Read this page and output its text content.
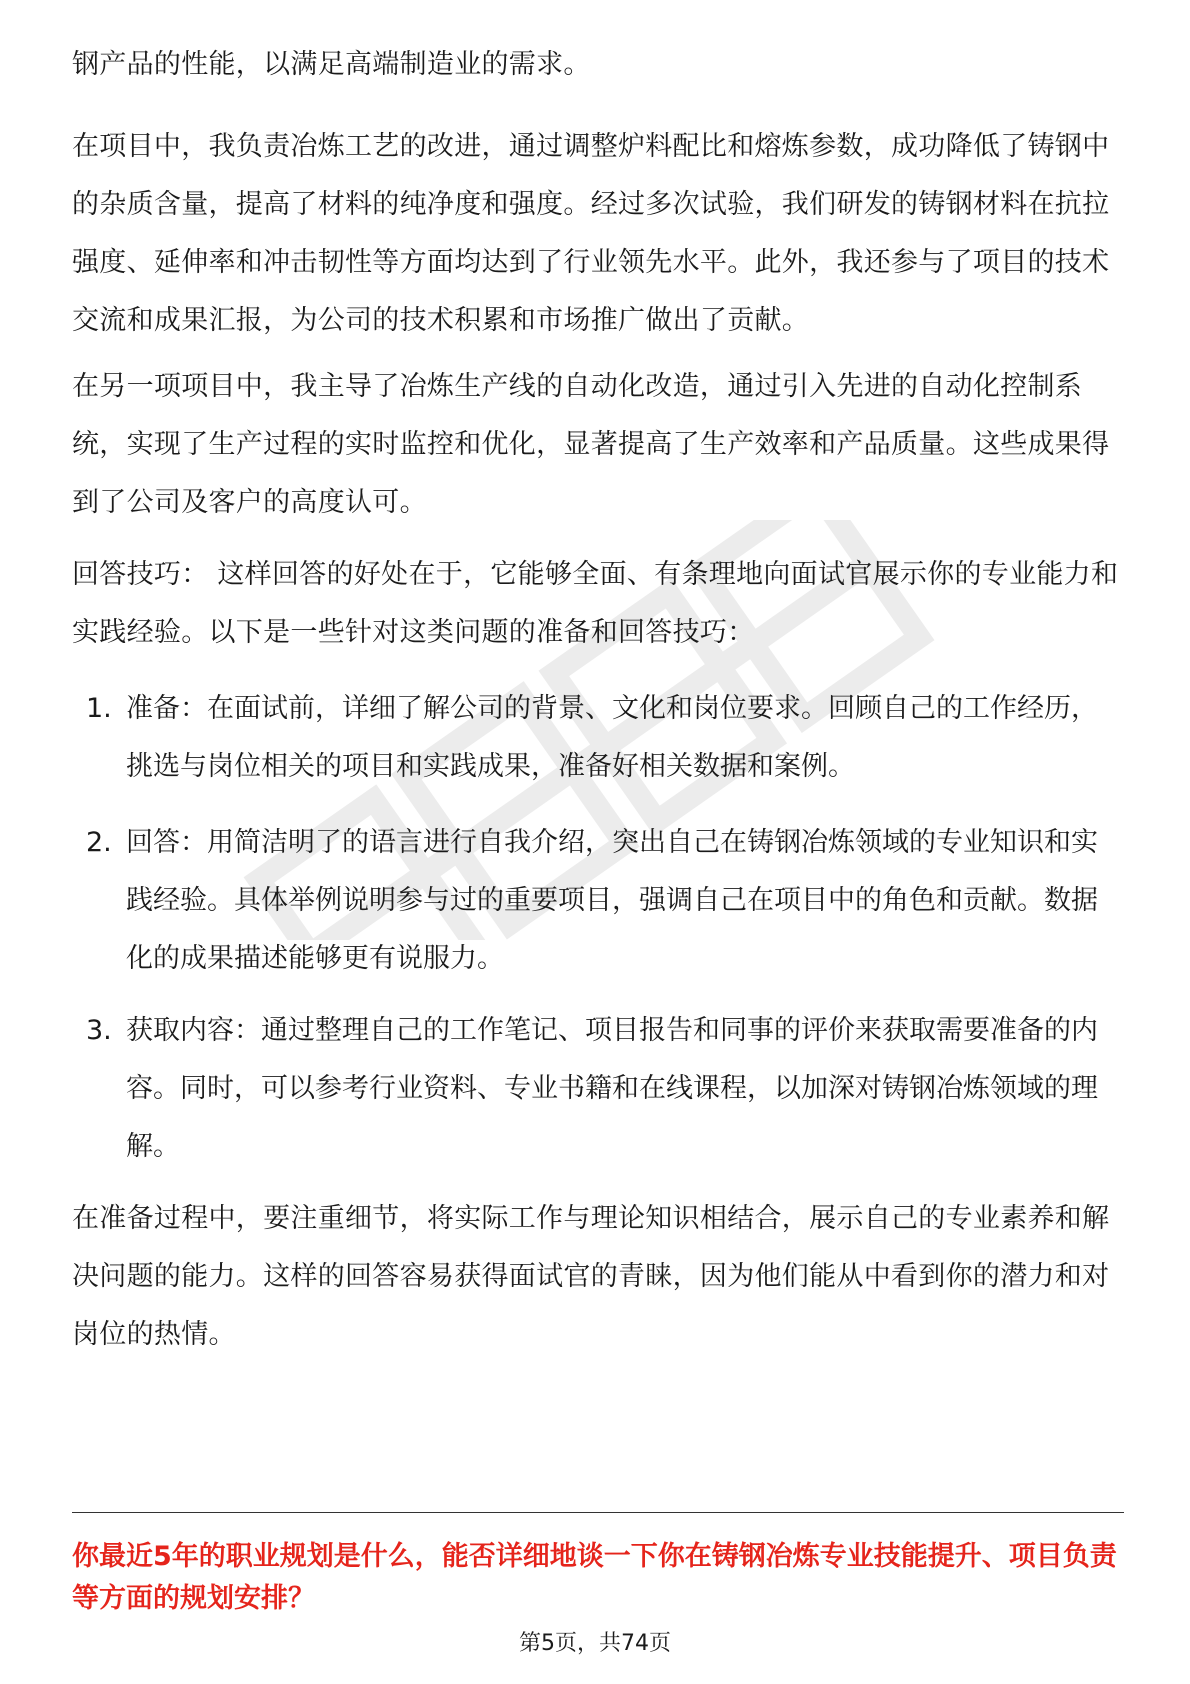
钢产品的性能，以满足高端制造业的需求。

在项目中，我负责冶炼工艺的改进，通过调整炉料配比和熔炼参数，成功降低了铸钢中的杂质含量，提高了材料的纯净度和强度。经过多次试验，我们研发的铸钢材料在抗拉强度、延伸率和冲击韧性等方面均达到了行业领先水平。此外，我还参与了项目的技术交流和成果汇报，为公司的技术积累和市场推广做出了贡献。

在另一项项目中，我主导了冶炼生产线的自动化改造，通过引入先进的自动化控制系统，实现了生产过程的实时监控和优化，显著提高了生产效率和产品质量。这些成果得到了公司及客户的高度认可。

回答技巧： 这样回答的好处在于，它能够全面、有条理地向面试官展示你的专业能力和实践经验。以下是一些针对这类问题的准备和回答技巧：

1. 准备：在面试前，详细了解公司的背景、文化和岗位要求。回顾自己的工作经历，挑选与岗位相关的项目和实践成果，准备好相关数据和案例。
2. 回答：用简洁明了的语言进行自我介绍，突出自己在铸钢冶炼领域的专业知识和实践经验。具体举例说明参与过的重要项目，强调自己在项目中的角色和贡献。数据化的成果描述能够更有说服力。
3. 获取内容：通过整理自己的工作笔记、项目报告和同事的评价来获取需要准备的内容。同时，可以参考行业资料、专业书籍和在线课程，以加深对铸钢冶炼领域的理解。

在准备过程中，要注重细节，将实际工作与理论知识相结合，展示自己的专业素养和解决问题的能力。这样的回答容易获得面试官的青睐，因为他们能从中看到你的潜力和对岗位的热情。

你最近5年的职业规划是什么，能否详细地谈一下你在铸钢冶炼专业技能提升、项目负责等方面的规划安排？

第5页，共74页
